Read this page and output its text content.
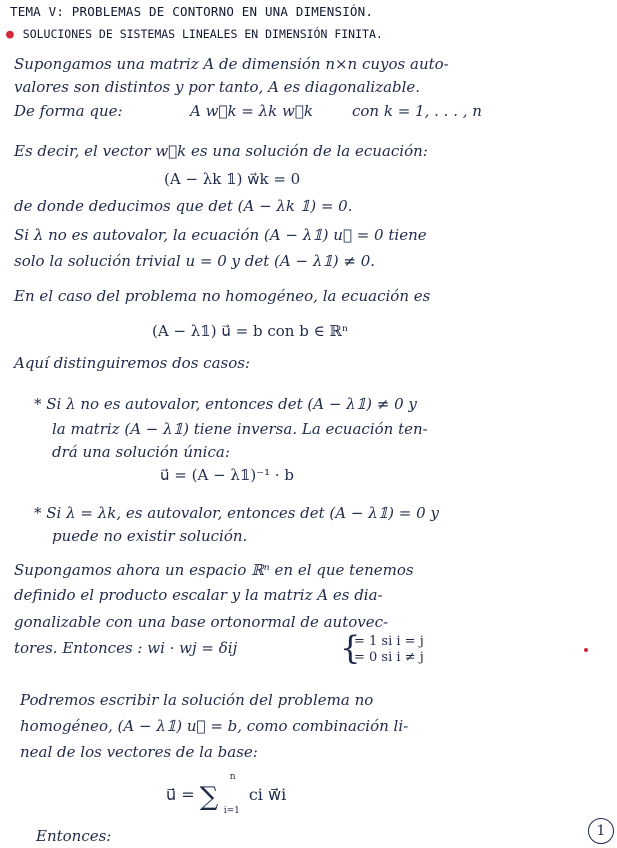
TEMA V: PROBLEMAS DE CONTORNO EN UNA DIMENSIÓN.
● SOLUCIONES DE SISTEMAS LINEALES EN DIMENSIÓN FINITA.
Supongamos una matriz A de dimensión n×n cuyos auto-
valores son distintos y por tanto, A es diagonalizable.
De forma que:	A w⃗k = λk w⃗k	con k = 1, . . . , n
Es decir, el vector w⃗k es una solución de la ecuación:
(A − λk 𝟙) w⃗k = 0
de donde deducimos que det (A − λk 𝟙) = 0.
Si λ no es autovalor, la ecuación (A − λ𝟙) u⃗ = 0 tiene
solo la solución trivial u = 0 y det (A − λ𝟙) ≠ 0.
En el caso del problema no homogéneo, la ecuación es
(A − λ𝟙) u⃗ = b con b ∈ ℝⁿ
Aquí distinguiremos dos casos:
* Si λ no es autovalor, entonces det (A − λ𝟙) ≠ 0 y
la matriz (A − λ𝟙) tiene inversa. La ecuación ten-
drá una solución única:
u⃗ = (A − λ𝟙)⁻¹ · b
* Si λ = λk, es autovalor, entonces det (A − λ𝟙) = 0 y
puede no existir solución.
Supongamos ahora un espacio ℝⁿ en el que tenemos
definido el producto escalar y la matriz A es dia-
gonalizable con una base ortonormal de autovec-
tores. Entonces : wi · wj = δij	{
= 1 si i = j
= 0 si i ≠ j
Podremos escribir la solución del problema no
homogéneo, (A − λ𝟙) u⃗ = b, como combinación li-
neal de los vectores de la base:
u⃗ = ∑
n
i=1
ci w⃗i
Entonces:	1
